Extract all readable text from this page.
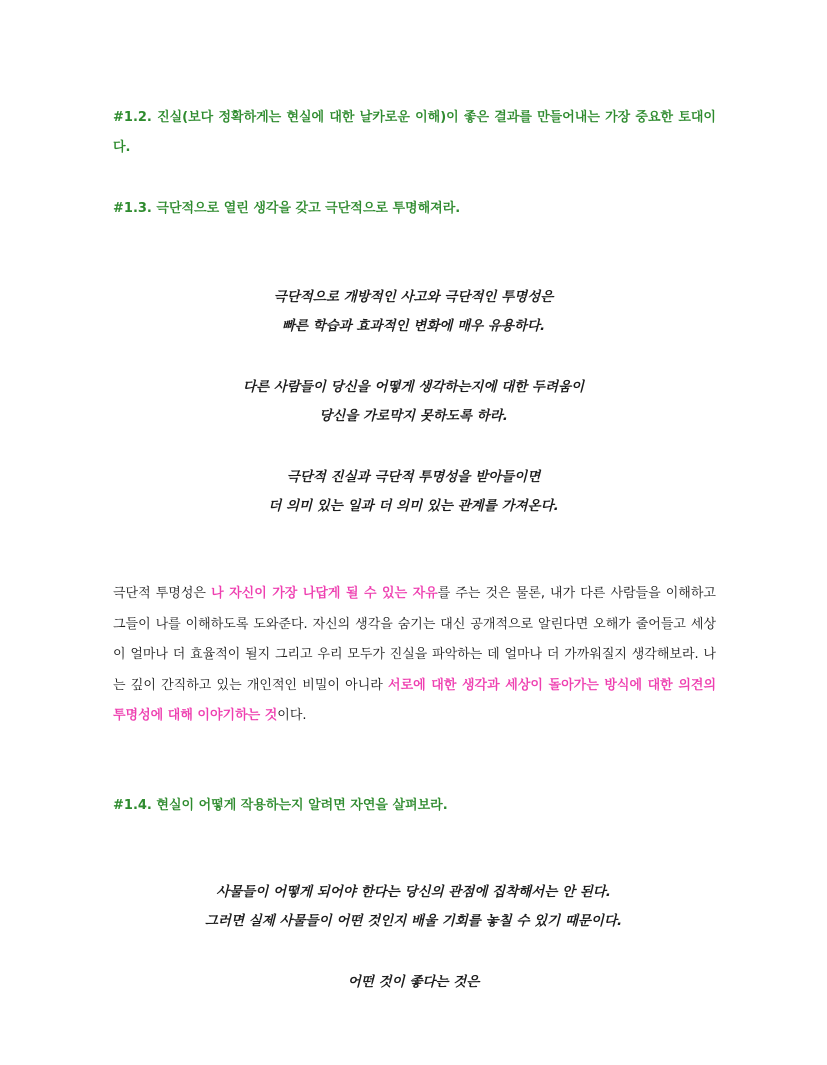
#1.2. 진실(보다 정확하게는 현실에 대한 날카로운 이해)이 좋은 결과를 만들어내는 가장 중요한 토대이다.
#1.3. 극단적으로 열린 생각을 갖고 극단적으로 투명해져라.
극단적으로 개방적인 사고와 극단적인 투명성은
빠른 학습과 효과적인 변화에 매우 유용하다.
다른 사람들이 당신을 어떻게 생각하는지에 대한 두려움이
당신을 가로막지 못하도록 하라.
극단적 진실과 극단적 투명성을 받아들이면
더 의미 있는 일과 더 의미 있는 관계를 가져온다.
극단적 투명성은 나 자신이 가장 나답게 될 수 있는 자유를 주는 것은 물론, 내가 다른 사람들을 이해하고 그들이 나를 이해하도록 도와준다. 자신의 생각을 숨기는 대신 공개적으로 알린다면 오해가 줄어들고 세상이 얼마나 더 효율적이 될지 그리고 우리 모두가 진실을 파악하는 데 얼마나 더 가까워질지 생각해보라. 나는 깊이 간직하고 있는 개인적인 비밀이 아니라 서로에 대한 생각과 세상이 돌아가는 방식에 대한 의견의 투명성에 대해 이야기하는 것이다.
#1.4. 현실이 어떻게 작용하는지 알려면 자연을 살펴보라.
사물들이 어떻게 되어야 한다는 당신의 관점에 집착해서는 안 된다.
그러면 실제 사물들이 어떤 것인지 배울 기회를 놓칠 수 있기 때문이다.
어떤 것이 좋다는 것은
